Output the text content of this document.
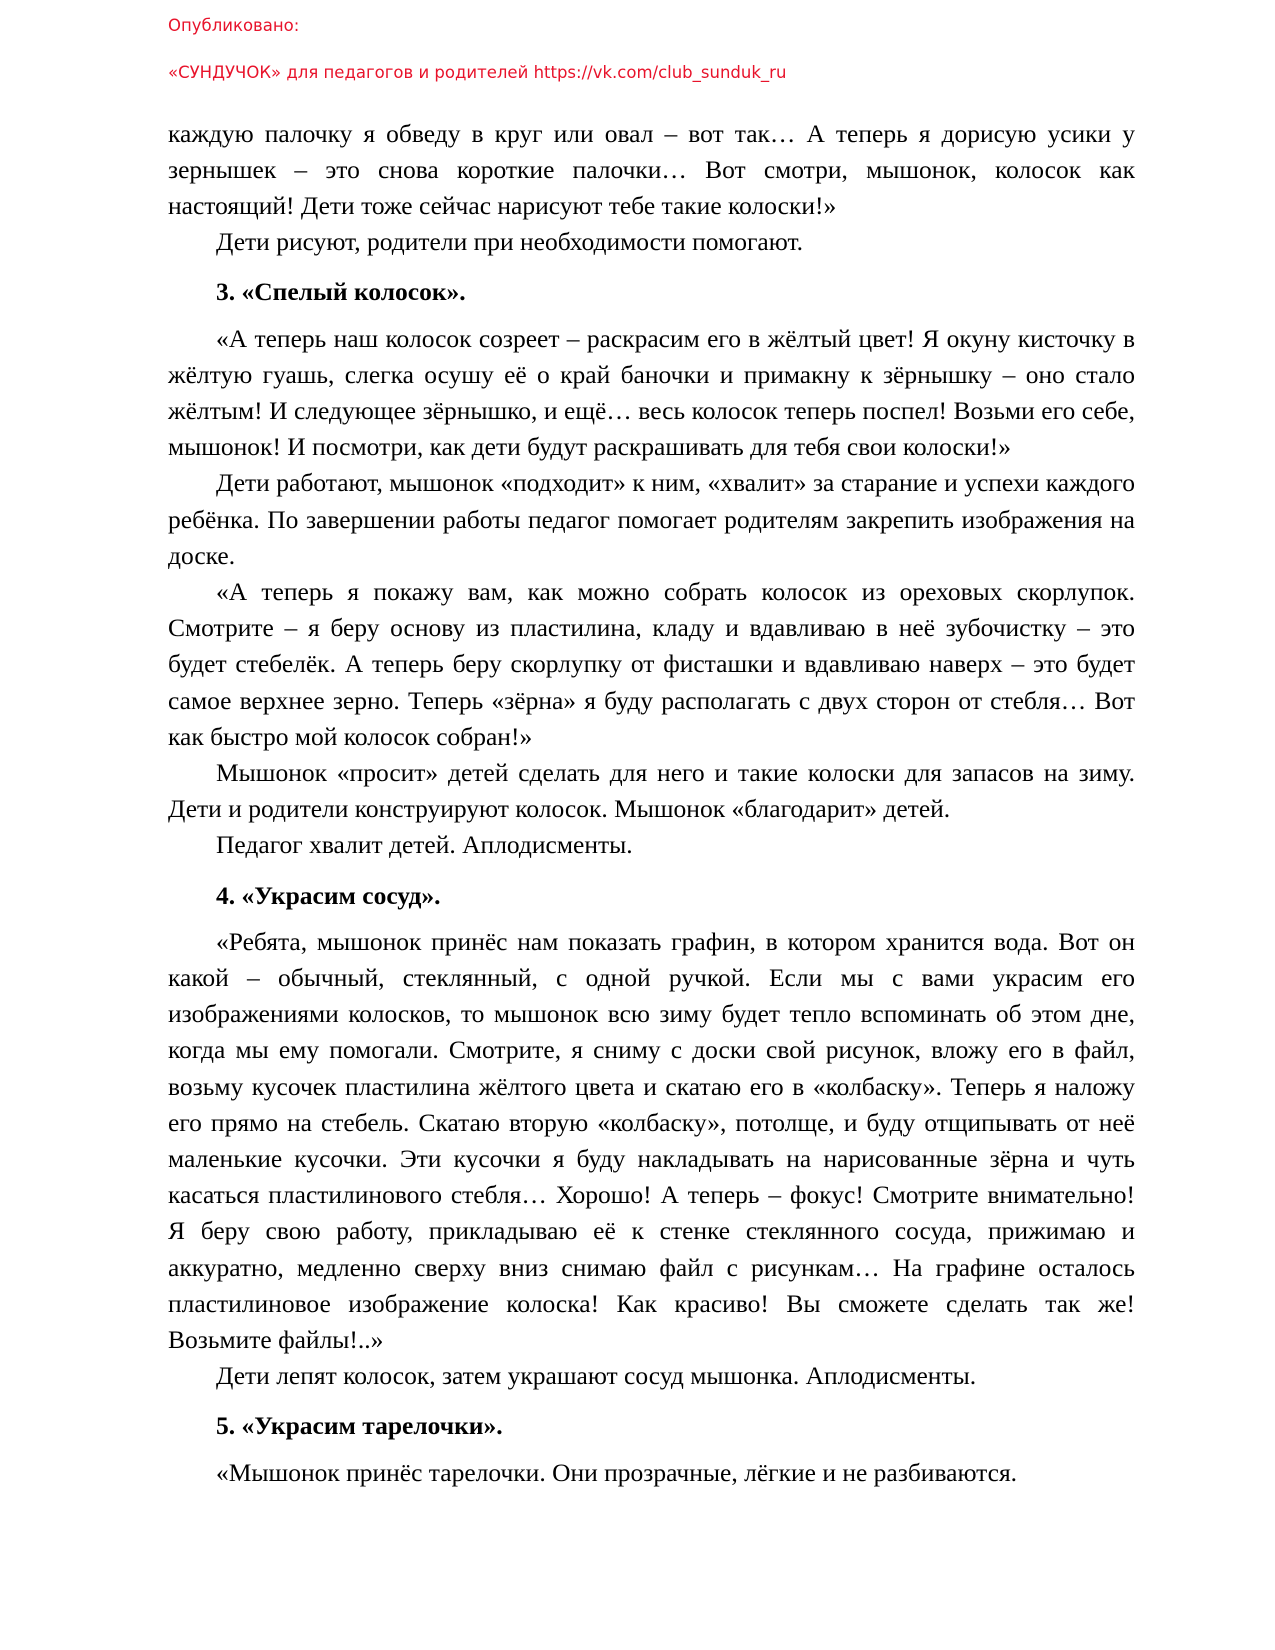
Опубликовано:
«СУНДУЧОК» для педагогов и родителей https://vk.com/club_sunduk_ru

каждую палочку я обведу в круг или овал – вот так… А теперь я дорисую усики у зернышек – это снова короткие палочки… Вот смотри, мышонок, колосок как настоящий! Дети тоже сейчас нарисуют тебе такие колоски!»

Дети рисуют, родители при необходимости помогают.

3. «Спелый колосок».

«А теперь наш колосок созреет – раскрасим его в жёлтый цвет! Я окуну кисточку в жёлтую гуашь, слегка осушу её о край баночки и примакну к зёрнышку – оно стало жёлтым! И следующее зёрнышко, и ещё… весь колосок теперь поспел! Возьми его себе, мышонок! И посмотри, как дети будут раскрашивать для тебя свои колоски!»

Дети работают, мышонок «подходит» к ним, «хвалит» за старание и успехи каждого ребёнка. По завершении работы педагог помогает родителям закрепить изображения на доске.

«А теперь я покажу вам, как можно собрать колосок из ореховых скорлупок. Смотрите – я беру основу из пластилина, кладу и вдавливаю в неё зубочистку – это будет стебелёк. А теперь беру скорлупку от фисташки и вдавливаю наверх – это будет самое верхнее зерно. Теперь «зёрна» я буду располагать с двух сторон от стебля… Вот как быстро мой колосок собран!»

Мышонок «просит» детей сделать для него и такие колоски для запасов на зиму. Дети и родители конструируют колосок. Мышонок «благодарит» детей.

Педагог хвалит детей. Аплодисменты.

4. «Украсим сосуд».

«Ребята, мышонок принёс нам показать графин, в котором хранится вода. Вот он какой – обычный, стеклянный, с одной ручкой. Если мы с вами украсим его изображениями колосков, то мышонок всю зиму будет тепло вспоминать об этом дне, когда мы ему помогали. Смотрите, я сниму с доски свой рисунок, вложу его в файл, возьму кусочек пластилина жёлтого цвета и скатаю его в «колбаску». Теперь я наложу его прямо на стебель. Скатаю вторую «колбаску», потолще, и буду отщипывать от неё маленькие кусочки. Эти кусочки я буду накладывать на нарисованные зёрна и чуть касаться пластилинового стебля… Хорошо! А теперь – фокус! Смотрите внимательно! Я беру свою работу, прикладываю её к стенке стеклянного сосуда, прижимаю и аккуратно, медленно сверху вниз снимаю файл с рисункам… На графине осталось пластилиновое изображение колоска! Как красиво! Вы сможете сделать так же! Возьмите файлы!..»

Дети лепят колосок, затем украшают сосуд мышонка. Аплодисменты.

5. «Украсим тарелочки».

«Мышонок принёс тарелочки. Они прозрачные, лёгкие и не разбиваются.
